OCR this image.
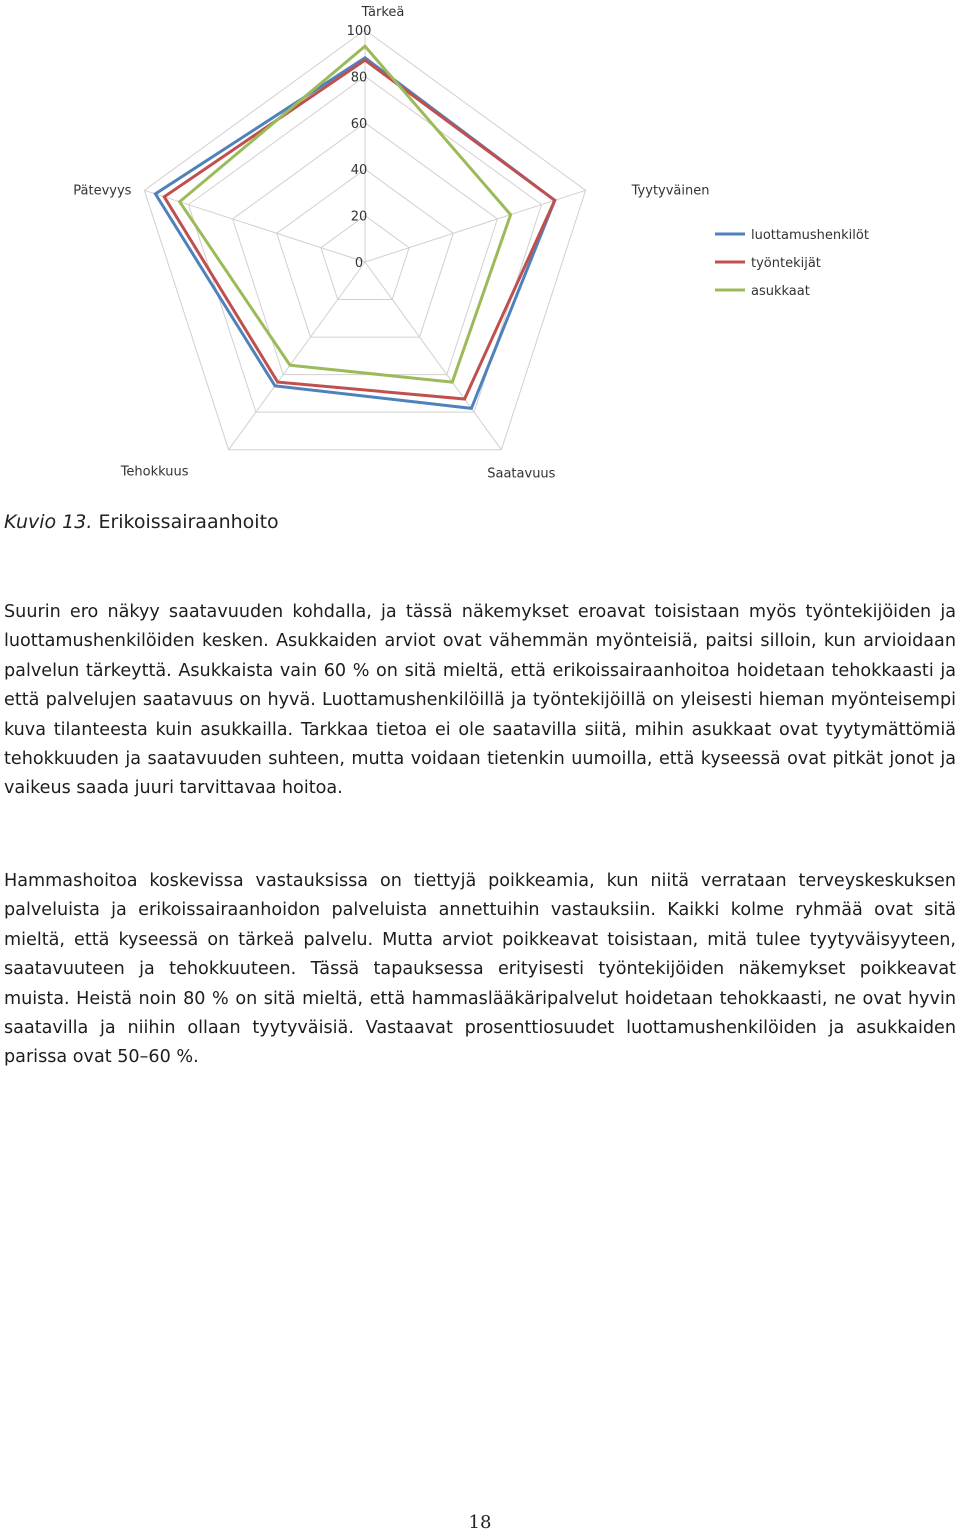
0
20
40
60
80
100
Tärkeä
Tyytyväinen
Saatavuus
Tehokkuus
Pätevyys
luottamushenkilöt
työntekijät
asukkaat
Kuvio 13. Erikoissairaanhoito

Suurin ero näkyy saatavuuden kohdalla, ja tässä näkemykset eroavat toisistaan myös työntekijöiden ja luottamushenkilöiden kesken. Asukkaiden arviot ovat vähemmän myönteisiä, paitsi silloin, kun arvioidaan palvelun tärkeyttä. Asukkaista vain 60 % on sitä mieltä, että erikoissairaanhoitoa hoidetaan tehokkaasti ja että palvelujen saatavuus on hyvä. Luottamushenkilöillä ja työntekijöillä on yleisesti hieman myönteisempi kuva tilanteesta kuin asukkailla. Tarkkaa tietoa ei ole saatavilla siitä, mihin asukkaat ovat tyytymättömiä tehokkuuden ja saatavuuden suhteen, mutta voidaan tietenkin uumoilla, että kyseessä ovat pitkät jonot ja vaikeus saada juuri tarvittavaa hoitoa.

Hammashoitoa koskevissa vastauksissa on tiettyjä poikkeamia, kun niitä verrataan terveyskeskuksen palveluista ja erikoissairaanhoidon palveluista annettuihin vastauksiin. Kaikki kolme ryhmää ovat sitä mieltä, että kyseessä on tärkeä palvelu. Mutta arviot poikkeavat toisistaan, mitä tulee tyytyväisyyteen, saatavuuteen ja tehokkuuteen. Tässä tapauksessa erityisesti työntekijöiden näkemykset poikkeavat muista. Heistä noin 80 % on sitä mieltä, että hammaslääkäripalvelut hoidetaan tehokkaasti, ne ovat hyvin saatavilla ja niihin ollaan tyytyväisiä. Vastaavat prosenttiosuudet luottamushenkilöiden ja asukkaiden parissa ovat 50–60 %.

18
